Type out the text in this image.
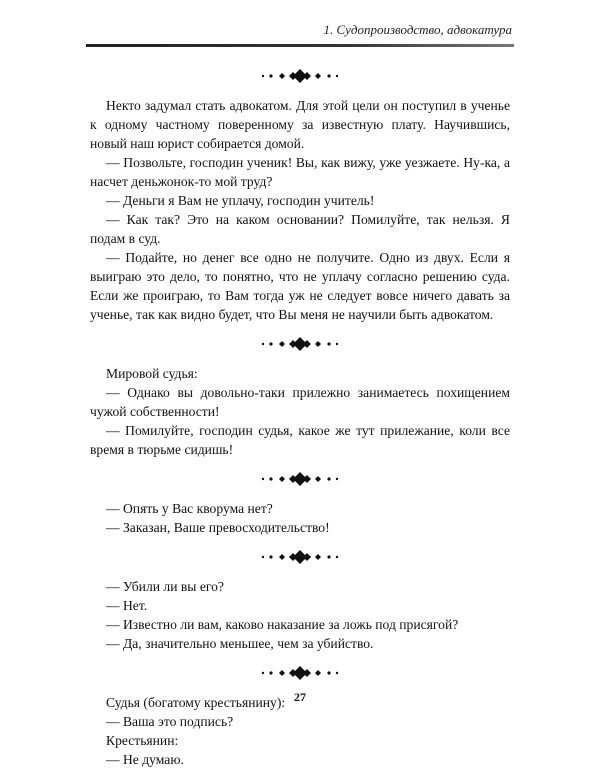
1. Судопроизводство, адвокатура

Некто задумал стать адвокатом. Для этой цели он поступил в ученье к одному частному поверенному за известную плату. Научившись, новый наш юрист собирается домой.

— Позвольте, господин ученик! Вы, как вижу, уже уезжаете. Ну-ка, а насчет деньжонок-то мой труд?

— Деньги я Вам не уплачу, господин учитель!

— Как так? Это на каком основании? Помилуйте, так нельзя. Я подам в суд.

— Подайте, но денег все одно не получите. Одно из двух. Если я выиграю это дело, то понятно, что не уплачу согласно решению суда. Если же проиграю, то Вам тогда уж не следует вовсе ничего давать за ученье, так как видно будет, что Вы меня не научили быть адвокатом.

Мировой судья:

— Однако вы довольно-таки прилежно занимаетесь похищением чужой собственности!

— Помилуйте, господин судья, какое же тут прилежание, коли все время в тюрьме сидишь!

— Опять у Вас кворума нет?

— Заказан, Ваше превосходительство!

— Убили ли вы его?

— Нет.

— Известно ли вам, каково наказание за ложь под присягой?

— Да, значительно меньшее, чем за убийство.

Судья (богатому крестьянину):

— Ваша это подпись?

Крестьянин:

— Не думаю.

27
